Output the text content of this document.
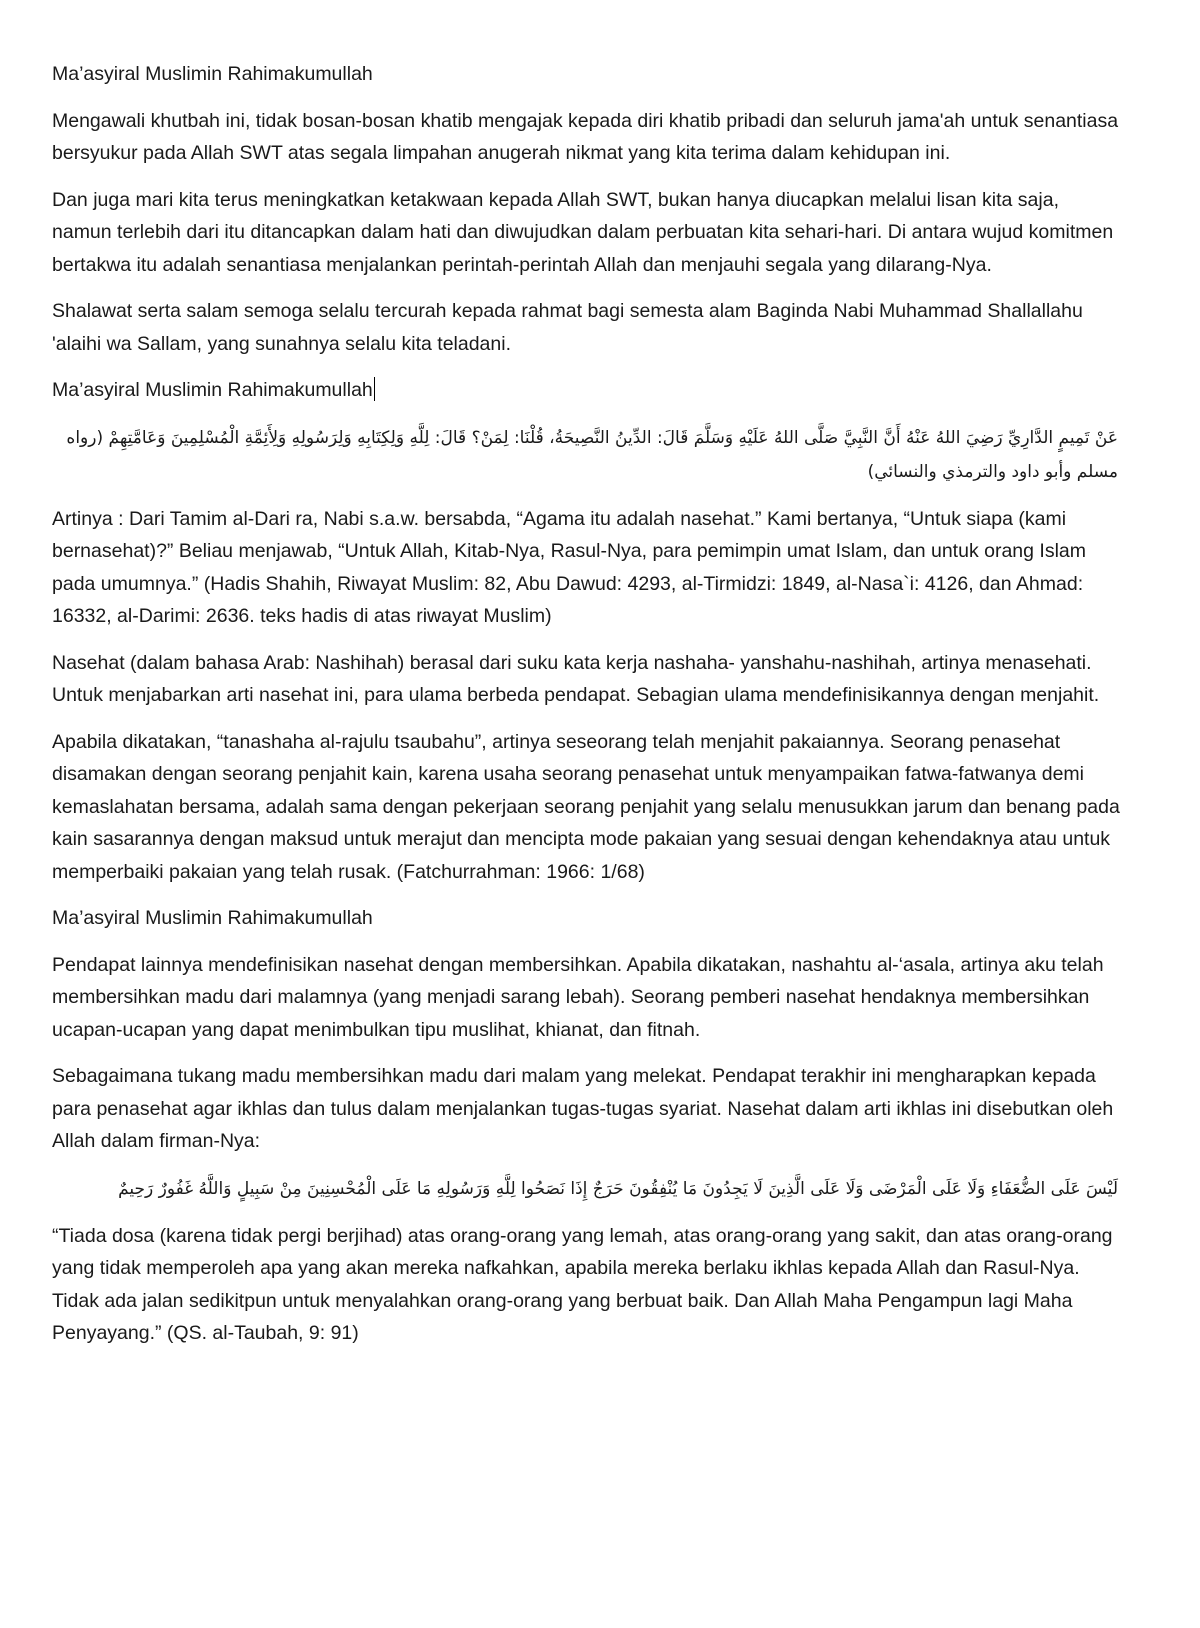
Ma’asyiral Muslimin Rahimakumullah

Mengawali khutbah ini, tidak bosan-bosan khatib mengajak kepada diri khatib pribadi dan seluruh jama'ah untuk senantiasa bersyukur pada Allah SWT atas segala limpahan anugerah nikmat yang kita terima dalam kehidupan ini.

Dan juga mari kita terus meningkatkan ketakwaan kepada Allah SWT, bukan hanya diucapkan melalui lisan kita saja, namun terlebih dari itu ditancapkan dalam hati dan diwujudkan dalam perbuatan kita sehari-hari. Di antara wujud komitmen bertakwa itu adalah senantiasa menjalankan perintah-perintah Allah dan menjauhi segala yang dilarang-Nya.

Shalawat serta salam semoga selalu tercurah kepada rahmat bagi semesta alam Baginda Nabi Muhammad Shallallahu 'alaihi wa Sallam, yang sunahnya selalu kita teladani.

Ma’asyiral Muslimin Rahimakumullah

عَنْ تَمِيمٍ الدَّارِيِّ رَضِيَ اللهُ عَنْهُ أَنَّ النَّبِيَّ صَلَّى اللهُ عَلَيْهِ وَسَلَّمَ قَالَ: الدِّينُ النَّصِيحَةُ، قُلْنَا: لِمَنْ؟ قَالَ: لِلَّهِ وَلِكِتَابِهِ وَلِرَسُولِهِ وَلِأَئِمَّةِ الْمُسْلِمِينَ وَعَامَّتِهِمْ (رواه مسلم وأبو داود والترمذي والنسائي)

Artinya : Dari Tamim al-Dari ra, Nabi s.a.w. bersabda, “Agama itu adalah nasehat.” Kami bertanya, “Untuk siapa (kami bernasehat)?” Beliau menjawab, “Untuk Allah, Kitab-Nya, Rasul-Nya, para pemimpin umat Islam, dan untuk orang Islam pada umumnya.” (Hadis Shahih, Riwayat Muslim: 82, Abu Dawud: 4293, al-Tirmidzi: 1849, al-Nasa`i: 4126, dan Ahmad: 16332, al-Darimi: 2636. teks hadis di atas riwayat Muslim)

Nasehat (dalam bahasa Arab: Nashihah) berasal dari suku kata kerja nashaha- yanshahu-nashihah, artinya menasehati. Untuk menjabarkan arti nasehat ini, para ulama berbeda pendapat. Sebagian ulama mendefinisikannya dengan menjahit.

Apabila dikatakan, “tanashaha al-rajulu tsaubahu”, artinya seseorang telah menjahit pakaiannya. Seorang penasehat disamakan dengan seorang penjahit kain, karena usaha seorang penasehat untuk menyampaikan fatwa-fatwanya demi kemaslahatan bersama, adalah sama dengan pekerjaan seorang penjahit yang selalu menusukkan jarum dan benang pada kain sasarannya dengan maksud untuk merajut dan mencipta mode pakaian yang sesuai dengan kehendaknya atau untuk memperbaiki pakaian yang telah rusak. (Fatchurrahman: 1966: 1/68)

Ma’asyiral Muslimin Rahimakumullah

Pendapat lainnya mendefinisikan nasehat dengan membersihkan. Apabila dikatakan, nashahtu al-‘asala, artinya aku telah membersihkan madu dari malamnya (yang menjadi sarang lebah). Seorang pemberi nasehat hendaknya membersihkan ucapan-ucapan yang dapat menimbulkan tipu muslihat, khianat, dan fitnah.

Sebagaimana tukang madu membersihkan madu dari malam yang melekat. Pendapat terakhir ini mengharapkan kepada para penasehat agar ikhlas dan tulus dalam menjalankan tugas-tugas syariat. Nasehat dalam arti ikhlas ini disebutkan oleh Allah dalam firman-Nya:

لَيْسَ عَلَى الضُّعَفَاءِ وَلَا عَلَى الْمَرْضَى وَلَا عَلَى الَّذِينَ لَا يَجِدُونَ مَا يُنْفِقُونَ حَرَجٌ إِذَا نَصَحُوا لِلَّهِ وَرَسُولِهِ مَا عَلَى الْمُحْسِنِينَ مِنْ سَبِيلٍ وَاللَّهُ غَفُورٌ رَحِيمٌ

“Tiada dosa (karena tidak pergi berjihad) atas orang-orang yang lemah, atas orang-orang yang sakit, dan atas orang-orang yang tidak memperoleh apa yang akan mereka nafkahkan, apabila mereka berlaku ikhlas kepada Allah dan Rasul-Nya. Tidak ada jalan sedikitpun untuk menyalahkan orang-orang yang berbuat baik. Dan Allah Maha Pengampun lagi Maha Penyayang.” (QS. al-Taubah, 9: 91)
